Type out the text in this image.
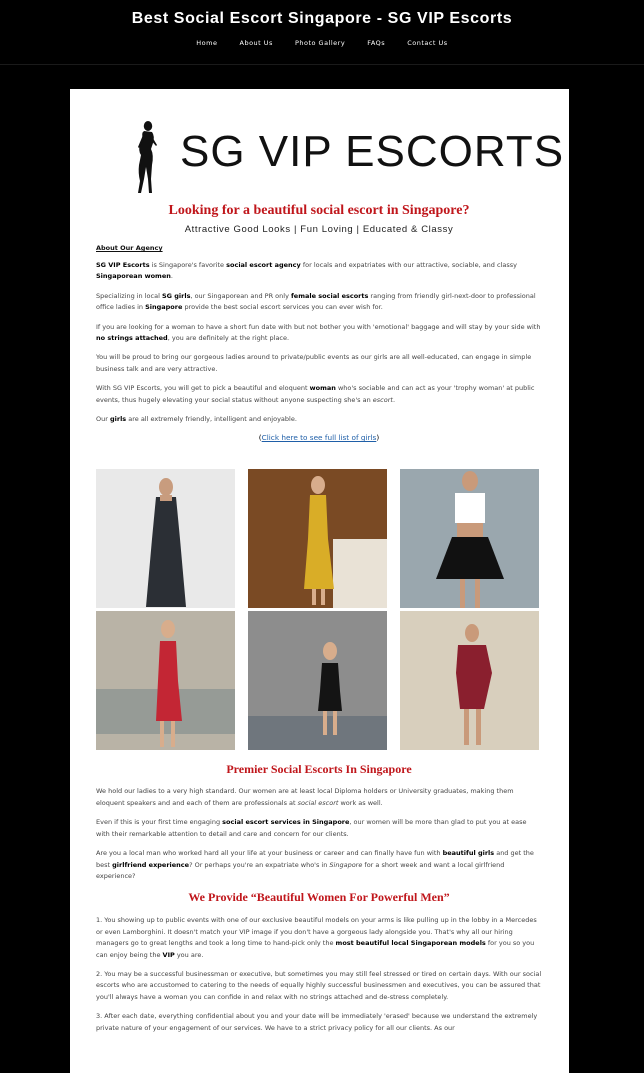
Best Social Escort Singapore - SG VIP Escorts
Home	About Us	Photo Gallery	FAQs	Contact Us
SG VIP ESCORTS
Looking for a beautiful social escort in Singapore?
Attractive Good Looks | Fun Loving | Educated & Classy
About Our Agency

SG VIP Escorts is Singapore's favorite social escort agency for locals and expatriates with our attractive, sociable, and classy Singaporean women.

Specializing in local SG girls, our Singaporean and PR only female social escorts ranging from friendly girl-next-door to professional office ladies in Singapore provide the best social escort services you can ever wish for.

If you are looking for a woman to have a short fun date with but not bother you with 'emotional' baggage and will stay by your side with no strings attached, you are definitely at the right place.

You will be proud to bring our gorgeous ladies around to private/public events as our girls are all well-educated, can engage in simple business talk and are very attractive.

With SG VIP Escorts, you will get to pick a beautiful and eloquent woman who's sociable and can act as your 'trophy woman' at public events, thus hugely elevating your social status without anyone suspecting she's an escort.

Our girls are all extremely friendly, intelligent and enjoyable.

(Click here to see full list of girls)
Premier Social Escorts In Singapore

We hold our ladies to a very high standard. Our women are at least local Diploma holders or University graduates, making them eloquent speakers and and each of them are professionals at social escort work as well.

Even if this is your first time engaging social escort services in Singapore, our women will be more than glad to put you at ease with their remarkable attention to detail and care and concern for our clients.

Are you a local man who worked hard all your life at your business or career and can finally have fun with beautiful girls and get the best girlfriend experience? Or perhaps you're an expatriate who's in Singapore for a short week and want a local girlfriend experience?

We Provide “Beautiful Women For Powerful Men”

1. You showing up to public events with one of our exclusive beautiful models on your arms is like pulling up in the lobby in a Mercedes or even Lamborghini. It doesn't match your VIP image if you don't have a gorgeous lady alongside you. That's why all our hiring managers go to great lengths and took a long time to hand-pick only the most beautiful local Singaporean models for you so you can enjoy being the VIP you are.

2. You may be a successful businessman or executive, but sometimes you may still feel stressed or tired on certain days. With our social escorts who are accustomed to catering to the needs of equally highly successful businessmen and executives, you can be assured that you'll always have a woman you can confide in and relax with no strings attached and de-stress completely.

3. After each date, everything confidential about you and your date will be immediately 'erased' because we understand the extremely private nature of your engagement of our services. We have to a strict privacy policy for all our clients. As our
